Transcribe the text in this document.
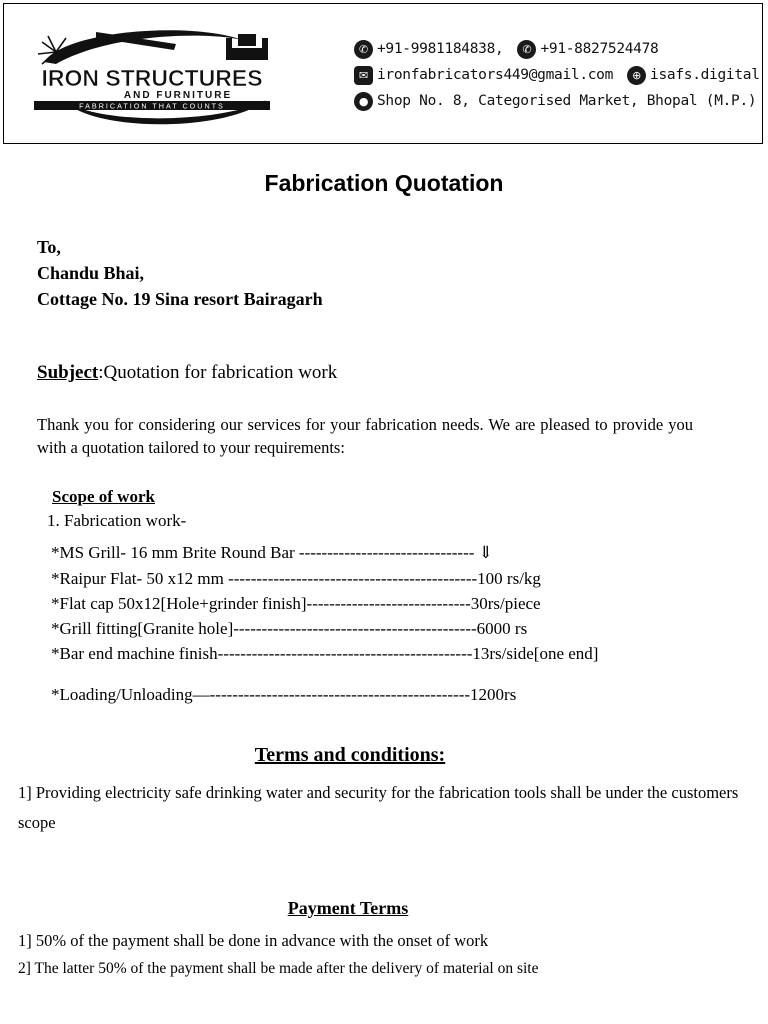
IRON STRUCTURES
AND FURNITURE
FABRICATION THAT COUNTS
✆ +91-9981184838,	✆ +91-8827524478
✉ ironfabricators449@gmail.com	⊕ isafs.digital
● Shop No. 8, Categorised Market, Bhopal (M.P.)
Fabrication Quotation
To,
Chandu Bhai,
Cottage No. 19 Sina resort Bairagarh
Subject:Quotation for fabrication work
Thank you for considering our services for your fabrication needs. We are pleased to provide you with a quotation tailored to your requirements:
Scope of work
1. Fabrication work-
*MS Grill- 16 mm Brite Round Bar ------------------------------- ⇓
*Raipur Flat- 50 x12 mm --------------------------------------------100 rs/kg
*Flat cap 50x12[Hole+grinder finish]-----------------------------30rs/piece
*Grill fitting[Granite hole]-------------------------------------------6000 rs
*Bar end machine finish---------------------------------------------13rs/side[one end]
*Loading/Unloading—----------------------------------------------1200rs
Terms and conditions:
1] Providing electricity safe drinking water and security for the fabrication tools shall be under the customers scope
Payment Terms
1] 50% of the payment shall be done in advance with the onset of work
2] The latter 50% of the payment shall be made after the delivery of material on site
